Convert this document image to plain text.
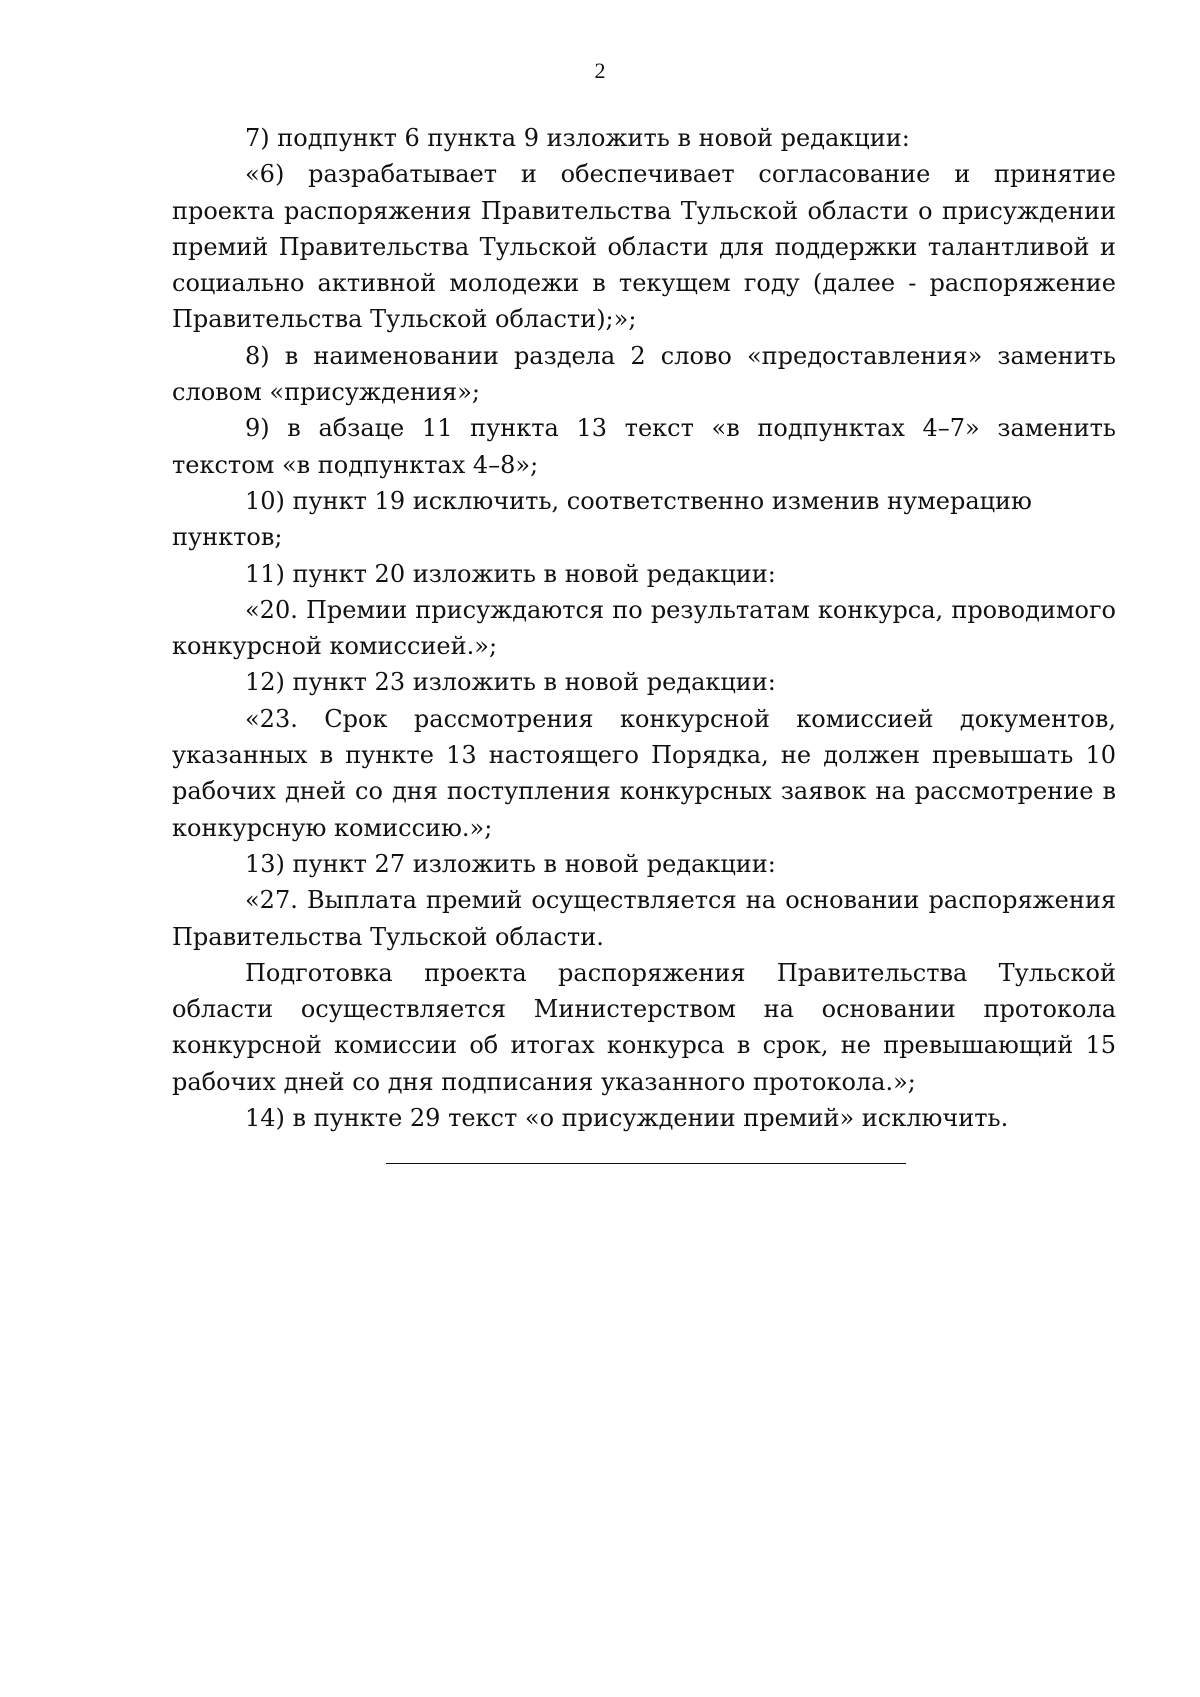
2

7) подпункт 6 пункта 9 изложить в новой редакции:

«6) разрабатывает и обеспечивает согласование и принятие проекта распоряжения Правительства Тульской области о присуждении премий Правительства Тульской области для поддержки талантливой и социально активной молодежи в текущем году (далее - распоряжение Правительства Тульской области);»;

8) в наименовании раздела 2 слово «предоставления» заменить словом «присуждения»;

9) в абзаце 11 пункта 13 текст «в подпунктах 4–7» заменить текстом «в подпунктах 4–8»;

10) пункт 19 исключить, соответственно изменив нумерацию пунктов;

11) пункт 20 изложить в новой редакции:

«20. Премии присуждаются по результатам конкурса, проводимого конкурсной комиссией.»;

12) пункт 23 изложить в новой редакции:

«23. Срок рассмотрения конкурсной комиссией документов, указанных в пункте 13 настоящего Порядка, не должен превышать 10 рабочих дней со дня поступления конкурсных заявок на рассмотрение в конкурсную комиссию.»;

13) пункт 27 изложить в новой редакции:

«27. Выплата премий осуществляется на основании распоряжения Правительства Тульской области.

Подготовка проекта распоряжения Правительства Тульской области осуществляется Министерством на основании протокола конкурсной комиссии об итогах конкурса в срок, не превышающий 15 рабочих дней со дня подписания указанного протокола.»;

14) в пункте 29 текст «о присуждении премий» исключить.
